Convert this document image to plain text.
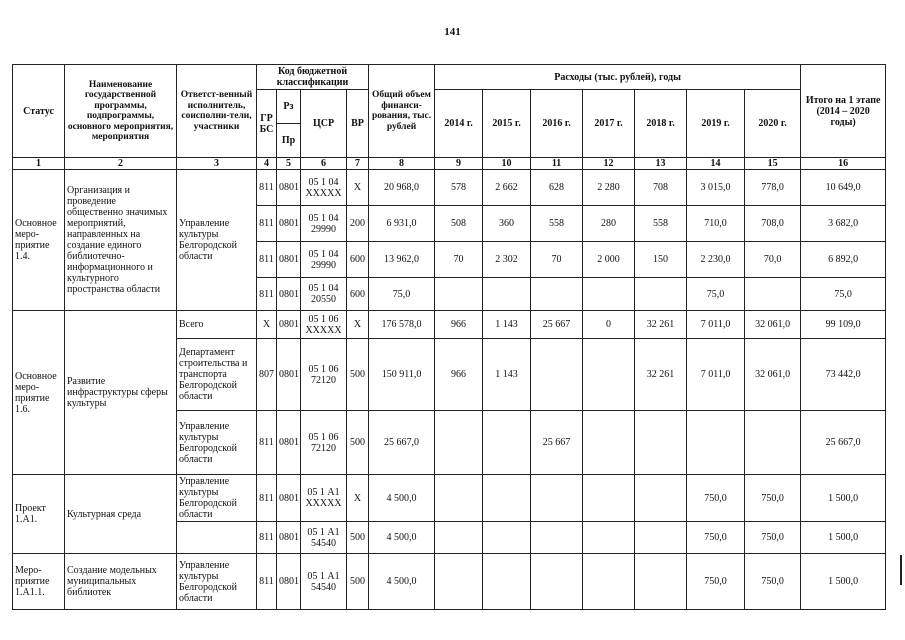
141
Статус	Наименование государственной программы, подпрограммы, основного мероприятия, мероприятия	Ответст-венный исполнитель, соисполни-тели, участники	Код бюджетной классификации				Общий объем финанси-рования, тыс. рублей	Расходы (тыс. рублей), годы							Итого на 1 этапе (2014 – 2020 годы)
			ГР БС	Рз	ЦСР	ВР		2014 г.	2015 г.	2016 г.	2017 г.	2018 г.	2019 г.	2020 г.	
				Пр											
1	2	3	4	5	6	7	8	9	10	11	12	13	14	15	16
Основное меро-приятие 1.4.	Организация и проведение общественно значимых мероприятий, направленных на создание единого библиотечно-информационного и культурного пространства области	Управление культуры Белгородской области	811	0801	05 1 04 XXXXX	Х	20 968,0	578	2 662	628	2 280	708	3 015,0	778,0	10 649,0
			811	0801	05 1 04 29990	200	6 931,0	508	360	558	280	558	710,0	708,0	3 682,0
			811	0801	05 1 04 29990	600	13 962,0	70	2 302	70	2 000	150	2 230,0	70,0	6 892,0
			811	0801	05 1 04 20550	600	75,0						75,0		75,0
Основное меро-приятие 1.6.	Развитие инфраструктуры сферы культуры	Всего	Х	0801	05 1 06 XXXXX	Х	176 578,0	966	1 143	25 667	0	32 261	7 011,0	32 061,0	99 109,0
		Департамент строительства и транспорта Белгородской области	807	0801	05 1 06 72120	500	150 911,0	966	1 143			32 261	7 011,0	32 061,0	73 442,0
		Управление культуры Белгородской области	811	0801	05 1 06 72120	500	25 667,0			25 667					25 667,0
Проект 1.А1.	Культурная среда	Управление культуры Белгородской области	811	0801	05 1 А1 XXXXX	Х	4 500,0						750,0	750,0	1 500,0
			811	0801	05 1 А1 54540	500	4 500,0						750,0	750,0	1 500,0
Меро-приятие 1.А1.1.	Создание модельных муниципальных библиотек	Управление культуры Белгородской области	811	0801	05 1 А1 54540	500	4 500,0						750,0	750,0	1 500,0
